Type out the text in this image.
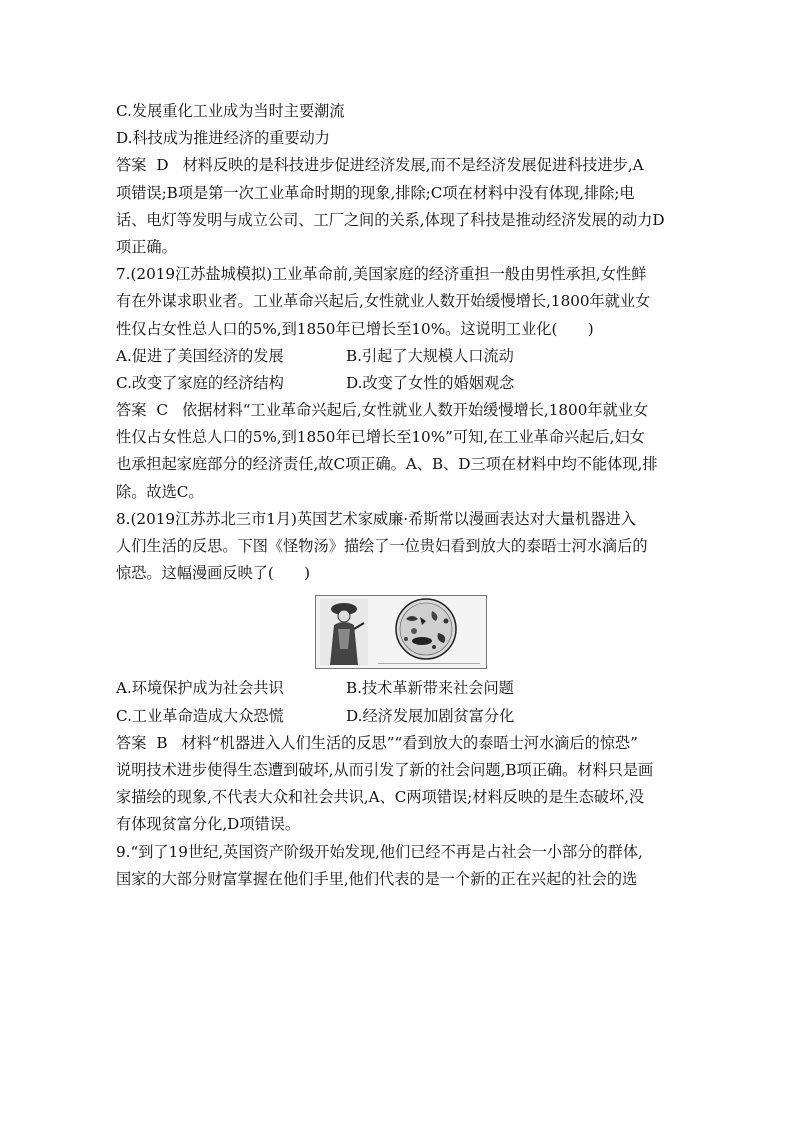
C.发展重化工业成为当时主要潮流
D.科技成为推进经济的重要动力
答案 D 材料反映的是科技进步促进经济发展,而不是经济发展促进科技进步,A
项错误;B项是第一次工业革命时期的现象,排除;C项在材料中没有体现,排除;电
话、电灯等发明与成立公司、工厂之间的关系,体现了科技是推动经济发展的动力D
项正确。
7.(2019江苏盐城模拟)工业革命前,美国家庭的经济重担一般由男性承担,女性鲜
有在外谋求职业者。工业革命兴起后,女性就业人数开始缓慢增长,1800年就业女
性仅占女性总人口的5%,到1850年已增长至10%。这说明工业化(　　)
A.促进了美国经济的发展	B.引起了大规模人口流动
C.改变了家庭的经济结构	D.改变了女性的婚姻观念
答案 C 依据材料“工业革命兴起后,女性就业人数开始缓慢增长,1800年就业女
性仅占女性总人口的5%,到1850年已增长至10%”可知,在工业革命兴起后,妇女
也承担起家庭部分的经济责任,故C项正确。A、B、D三项在材料中均不能体现,排
除。故选C。
8.(2019江苏苏北三市1月)英国艺术家威廉·希斯常以漫画表达对大量机器进入
人们生活的反思。下图《怪物汤》描绘了一位贵妇看到放大的泰晤士河水滴后的
惊恐。这幅漫画反映了(　　)
A.环境保护成为社会共识	B.技术革新带来社会问题
C.工业革命造成大众恐慌	D.经济发展加剧贫富分化
答案 B 材料“机器进入人们生活的反思”“看到放大的泰晤士河水滴后的惊恐”
说明技术进步使得生态遭到破坏,从而引发了新的社会问题,B项正确。材料只是画
家描绘的现象,不代表大众和社会共识,A、C两项错误;材料反映的是生态破坏,没
有体现贫富分化,D项错误。
9.“到了19世纪,英国资产阶级开始发现,他们已经不再是占社会一小部分的群体,
国家的大部分财富掌握在他们手里,他们代表的是一个新的正在兴起的社会的选
